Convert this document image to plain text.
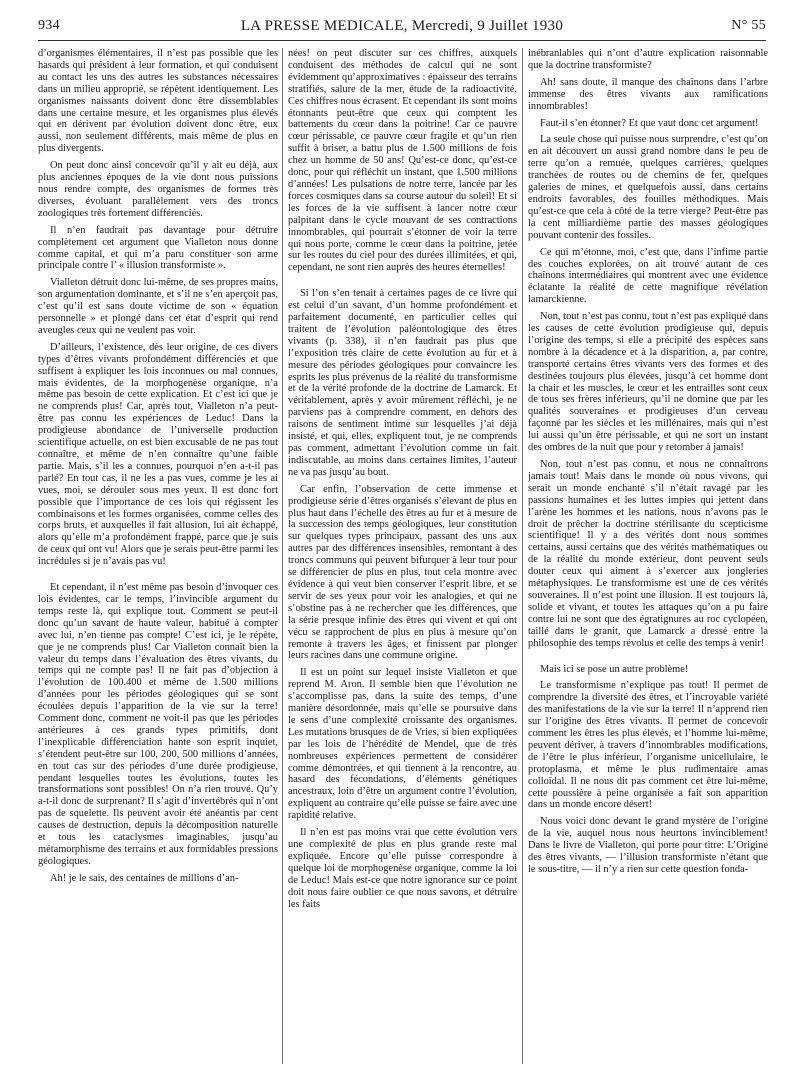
934	LA PRESSE MEDICALE, Mercredi, 9 Juillet 1930	N° 55

d’organismes élémentaires, il n’est pas possible que les hasards qui président à leur formation, et qui conduisent au contact les uns des autres les substances nécessaires dans un milieu approprié, se répètent identiquement. Les organismes naissants doivent donc être dissemblables dans une certaine mesure, et les organismes plus élevés qui en dérivent par évolution doivent donc être, eux aussi, non seulement différents, mais même de plus en plus divergents.

On peut donc ainsi concevoir qu’il y ait eu déjà, aux plus anciennes époques de la vie dont nous puissions nous rendre compte, des organismes de formes très diverses, évoluant parallèlement vers des troncs zoologiques très fortement différenciés.

Il n’en faudrait pas davantage pour détruire complètement cet argument que Vialleton nous donne comme capital, et qui m’a paru constituer son arme principale contre l’ « illusion transformiste ».

Vialleton détruit donc lui-même, de ses propres mains, son argumentation dominante, et s’il ne s’en aperçoit pas, c’est qu’il est sans doute victime de son « équation personnelle » et plongé dans cet état d’esprit qui rend aveugles ceux qui ne veulent pas voir.

D’ailleurs, l’existence, dès leur origine, de ces divers types d’êtres vivants profondément différenciés et que suffisent à expliquer les lois inconnues ou mal connues, mais évidentes, de la morphogenèse organique, n’a même pas besoin de cette explication. Et c’est ici que je ne comprends plus! Car, après tout, Vialleton n’a peut-être pas connu les expériences de Leduc! Dans la prodigieuse abondance de l’universelle production scientifique actuelle, on est bien excusable de ne pas tout connaître, et même de n’en connaître qu’une faible partie. Mais, s’il les a connues, pourquoi n’en a-t-il pas parlé? En tout cas, il ne les a pas vues, comme je les ai vues, moi, se dérouler sous mes yeux. Il est donc fort possible que l’importance de ces lois qui régissent les combinaisons et les formes organisées, comme celles des corps bruts, et auxquelles il fait allusion, lui ait échappé, alors qu’elle m’a profondément frappé, parce que je suis de ceux qui ont vu! Alors que je serais peut-être parmi les incrédules si je n’avais pas vu!

Et cependant, il n’est même pas besoin d’invoquer ces lois évidentes, car le temps, l’invincible argument du temps reste là, qui explique tout. Comment se peut-il donc qu’un savant de haute valeur, habitué à compter avec lui, n’en tienne pas compte! C’est ici, je le répète, que je ne comprends plus! Car Vialleton connaît bien la valeur du temps dans l’évaluation des êtres vivants, du temps qui ne compte pas! Il ne fait pas d’objection à l’évolution de 100.400 et même de 1.500 millions d’années pour les périodes géologiques qui se sont écoulées depuis l’apparition de la vie sur la terre! Comment donc, comment ne voit-il pas que les périodes antérieures à ces grands types primitifs, dont l’inexplicable différenciation hante son esprit inquiet, s’étendent peut-être sur 100, 200, 500 millions d’années, en tout cas sur des périodes d’une durée prodigieuse, pendant lesquelles toutes les évolutions, toutes les transformations sont possibles! On n’a rien trouvé. Qu’y a-t-il donc de surprenant? Il s’agit d’invertébrés qui n’ont pas de squelette. Ils peuvent avoir été anéantis par cent causes de destruction, depuis la décomposition naturelle et tous les cataclysmes imaginables, jusqu’au métamorphisme des terrains et aux formidables pressions géologiques.

Ah! je le sais, des centaines de millions d’an-

nées! on peut discuter sur ces chiffres, auxquels conduisent des méthodes de calcul qui ne sont évidemment qu’approximatives : épaisseur des terrains stratifiés, salure de la mer, étude de la radioactivité. Ces chiffres nous écrasent. Et cependant ils sont moins étonnants peut-être que ceux qui comptent les battements du cœur dans la poitrine! Car ce pauvre cœur périssable, ce pauvre cœur fragile et qu’un rien suffit à briser, a battu plus de 1.500 millions de fois chez un homme de 50 ans! Qu’est-ce donc, qu’est-ce donc, pour qui réfléchit un instant, que 1.500 millions d’années! Les pulsations de notre terre, lancée par les forces cosmiques dans sa course autour du soleil! Et si les forces de la vie suffisent à lancer notre cœur palpitant dans le cycle mouvant de ses contractions innombrables, qui pourrait s’étonner de voir la terre qui nous porte, comme le cœur dans la poitrine, jetée sur les routes du ciel pour des durées illimitées, et qui, cependant, ne sont rien auprès des heures éternelles!

Si l’on s’en tenait à certaines pages de ce livre qui est celui d’un savant, d’un homme profondément et parfaitement documenté, en particulier celles qui traitent de l’évolution paléontologique des êtres vivants (p. 338), il n’en faudrait pas plus que l’exposition très claire de cette évolution au fur et à mesure des périodes géologiques pour convaincre les esprits les plus prévenus de la réalité du transformisme et de la vérité profonde de la doctrine de Lamarck. Et véritablement, après y avoir mûrement réfléchi, je ne parviens pas à comprendre comment, en dehors des raisons de sentiment intime sur lesquelles j’ai déjà insisté, et qui, elles, expliquent tout, je ne comprends pas comment, admettant l’évolution comme un fait indiscutable, au moins dans certaines limites, l’auteur ne va pas jusqu’au bout.

Car enfin, l’observation de cette immense et prodigieuse série d’êtres organisés s’élevant de plus en plus haut dans l’échelle des êtres au fur et à mesure de la succession des temps géologiques, leur constitution sur quelques types principaux, passant des uns aux autres par des différences insensibles, remontant à des troncs communs qui peuvent bifurquer à leur tour pour se différencier de plus en plus, tout cela montre avec évidence à qui veut bien conserver l’esprit libre, et se servir de ses yeux pour voir les analogies, et qui ne s’obstine pas à ne rechercher que les différences, que la série presque infinie des êtres qui vivent et qui ont vécu se rapprochent de plus en plus à mesure qu’on remonte à travers les âges, et finissent par plonger leurs racines dans une commune origine.

Il est un point sur lequel insiste Vialleton et que reprend M. Aron. Il semble bien que l’évolution ne s’accomplisse pas, dans la suite des temps, d’une manière désordonnée, mais qu’elle se poursuive dans le sens d’une complexité croissante des organismes. Les mutations brusques de de Vries, si bien expliquées par les lois de l’hérédité de Mendel, que de très nombreuses expériences permettent de considérer comme démontrées, et qui tiennent à la rencontre, au hasard des fécondations, d’éléments génétiques ancestraux, loin d’être un argument contre l’évolution, expliquent au contraire qu’elle puisse se faire avec une rapidité relative.

Il n’en est pas moins vrai que cette évolution vers une complexité de plus en plus grande reste mal expliquée. Encore qu’elle puisse correspondre à quelque loi de morphogenèse organique, comme la loi de Leduc! Mais est-ce que notre ignorance sur ce point doit nous faire oublier ce que nous savons, et détruire les faits

inébranlables qui n’ont d’autre explication raisonnable que la doctrine transformiste?

Ah! sans doute, il manque des chaînons dans l’arbre immense des êtres vivants aux ramifications innombrables!

Faut-il s’en étonner? Et que vaut donc cet argument!

La seule chose qui puisse nous surprendre, c’est qu’on en ait découvert un aussi grand nombre dans le peu de terre qu’on a remuée, quelques carrières, quelques tranchées de routes ou de chemins de fer, quelques galeries de mines, et quelquefois aussi, dans certains endroits favorables, des fouilles méthodiques. Mais qu’est-ce que cela à côté de la terre vierge? Peut-être pas la cent milliardième partie des masses géologiques pouvant contenir des fossiles.

Ce qui m’étonne, moi, c’est que, dans l’infime partie des couches explorées, on ait trouvé autant de ces chaînons intermédiaires qui montrent avec une évidence éclatante la réalité de cette magnifique révélation lamarckienne.

Non, tout n’est pas connu, tout n’est pas expliqué dans les causes de cette évolution prodigieuse qui, depuis l’origine des temps, si elle a précipité des espèces sans nombre à la décadence et à la disparition, a, par contre, transporté certains êtres vivants vers des formes et des destinées toujours plus élevées, jusqu’à cet homme dont la chair et les muscles, le cœur et les entrailles sont ceux de tous ses frères inférieurs, qu’il ne domine que par les qualités souveraines et prodigieuses d’un cerveau façonné par les siècles et les millénaires, mais qui n’est lui aussi qu’un être périssable, et qui ne sort un instant des ombres de la nuit que pour y retomber à jamais!

Non, tout n’est pas connu, et nous ne connaîtrons jamais tout! Mais dans le monde où nous vivons, qui serait un monde enchanté s’il n’était ravagé par les passions humaines et les luttes impies qui jettent dans l’arène les hommes et les nations, nous n’avons pas le droit de prêcher la doctrine stérilisante du scepticisme scientifique! Il y a des vérités dont nous sommes certains, aussi certains que des vérités mathématiques ou de la réalité du monde extérieur, dont peuvent seuls douter ceux qui aiment à s’exercer aux jongleries métaphysiques. Le transformisme est une de ces vérités souveraines. Il n’est point une illusion. Il est toujours là, solide et vivant, et toutes les attaques qu’on a pu faire contre lui ne sont que des égratignures au roc cyclopéen, taillé dans le granit, que Lamarck a dressé entre la philosophie des temps révolus et celle des temps à venir!

Mais ici se pose un autre problème!

Le transformisme n’explique pas tout! Il permet de comprendre la diversité des êtres, et l’incroyable variété des manifestations de la vie sur la terre! Il n’apprend rien sur l’origine des êtres vivants. Il permet de concevoir comment les êtres les plus élevés, et l’homme lui-même, peuvent dériver, à travers d’innombrables modifications, de l’être le plus inférieur, l’organisme unicellulaire, le protoplasma, et même le plus rudimentaire amas colloïdal. Il ne nous dit pas comment cet être lui-même, cette poussière à peine organisée a fait son apparition dans un monde encore désert!

Nous voici donc devant le grand mystère de l’origine de la vie, auquel nous nous heurtons invinciblement! Dans le livre de Vialleton, qui porte pour titre: L’Origine des êtres vivants, — l’illusion transformiste n’étant que le sous-titre, — il n’y a rien sur cette question fonda-
